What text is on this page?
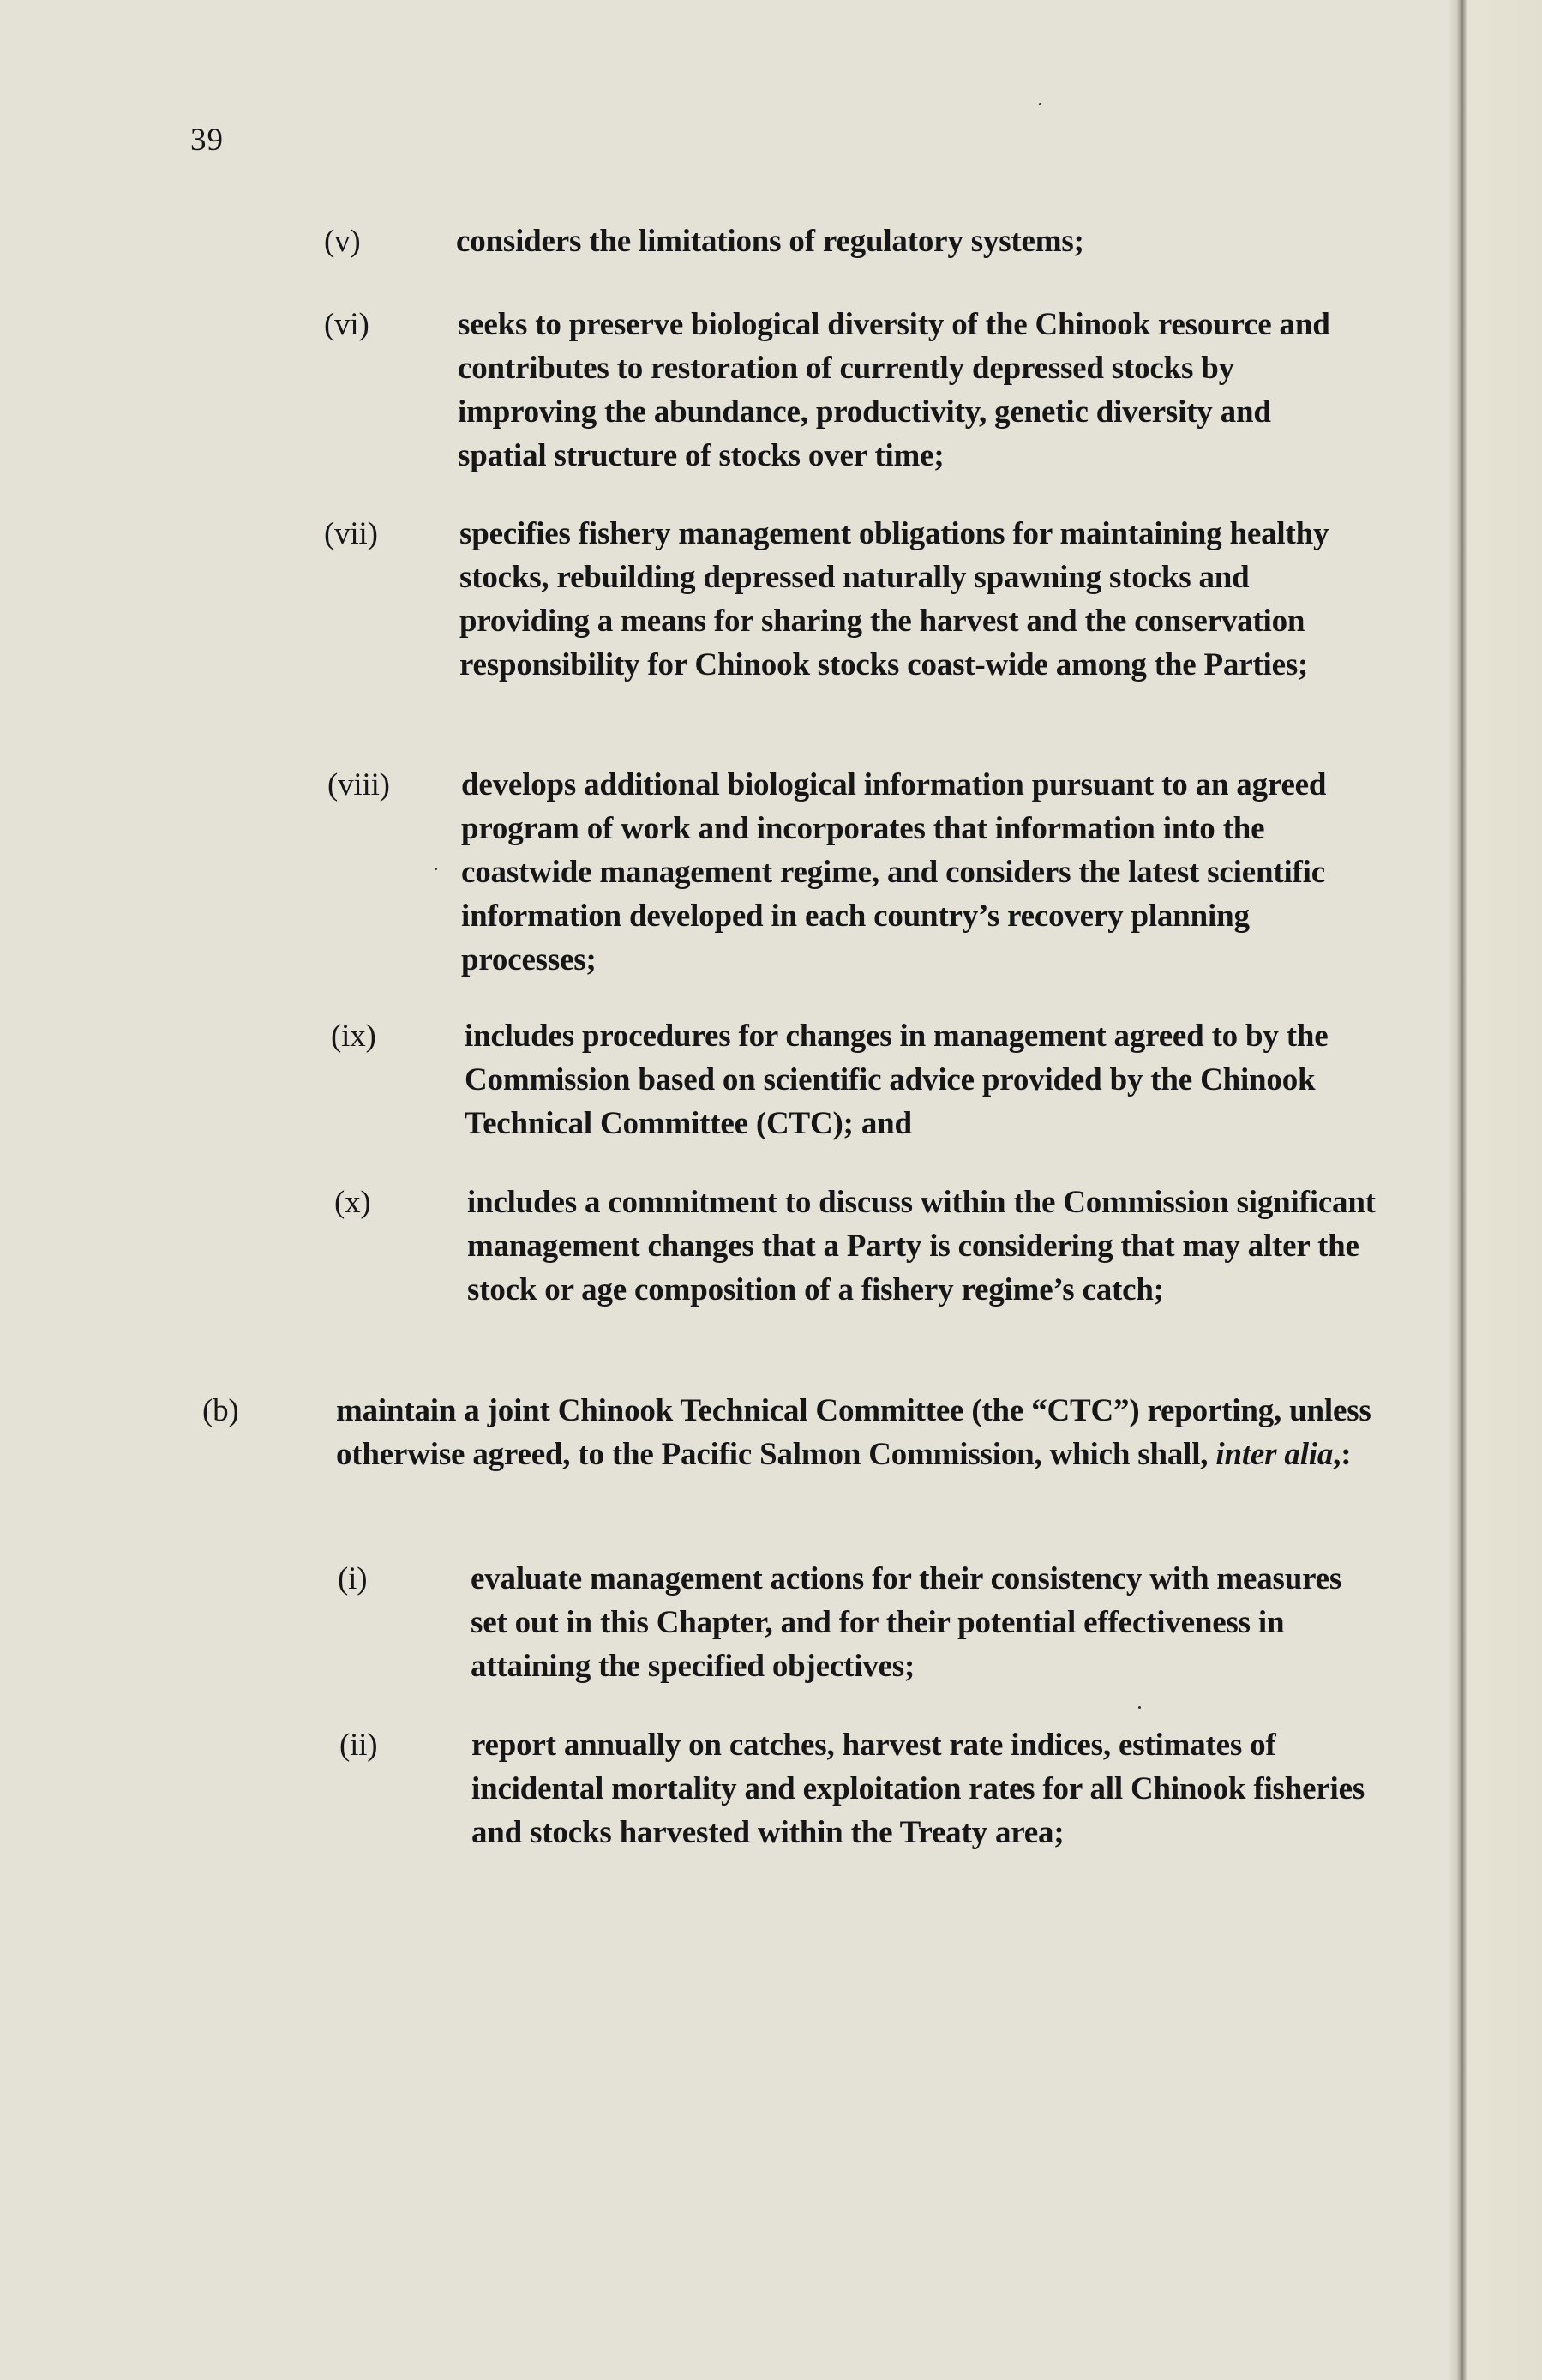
39
(v)	considers the limitations of regulatory systems;
(vi)	seeks to preserve biological diversity of the Chinook resource and contributes to restoration of currently depressed stocks by improving the abundance, productivity, genetic diversity and spatial structure of stocks over time;
(vii)	specifies fishery management obligations for maintaining healthy stocks, rebuilding depressed naturally spawning stocks and providing a means for sharing the harvest and the conservation responsibility for Chinook stocks coast-wide among the Parties;
(viii) develops additional biological information pursuant to an agreed program of work and incorporates that information into the coastwide management regime, and considers the latest scientific information developed in each country’s recovery planning processes;
(ix)	includes procedures for changes in management agreed to by the Commission based on scientific advice provided by the Chinook Technical Committee (CTC); and
(x)	includes a commitment to discuss within the Commission significant management changes that a Party is considering that may alter the stock or age composition of a fishery regime’s catch;
(b)	maintain a joint Chinook Technical Committee (the “CTC”) reporting, unless otherwise agreed, to the Pacific Salmon Commission, which shall, inter alia,:
(i)	evaluate management actions for their consistency with measures set out in this Chapter, and for their potential effectiveness in attaining the specified objectives;
(ii)	report annually on catches, harvest rate indices, estimates of incidental mortality and exploitation rates for all Chinook fisheries and stocks harvested within the Treaty area;
